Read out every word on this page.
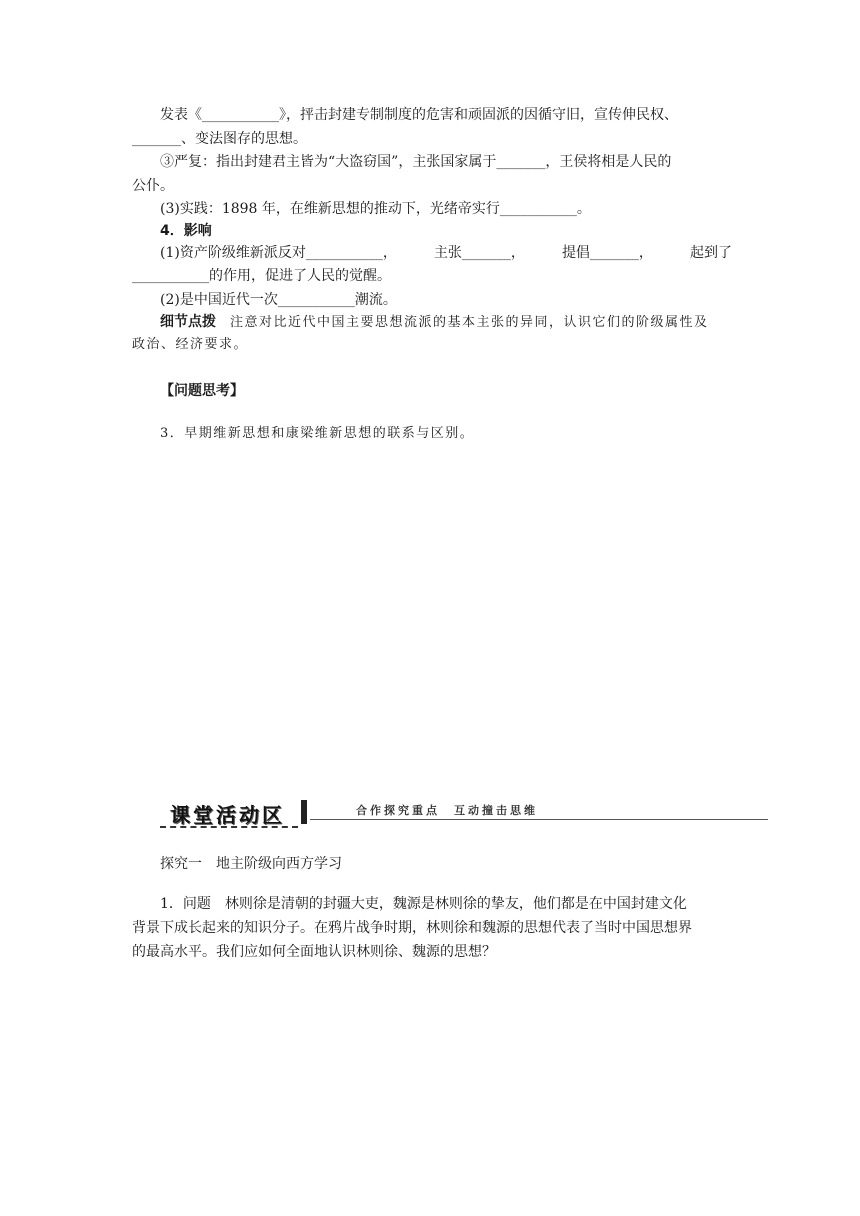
发表《___________》，抨击封建专制制度的危害和顽固派的因循守旧，宣传伸民权、
_______、变法图存的思想。
③严复：指出封建君主皆为“大盗窃国”，主张国家属于_______，王侯将相是人民的
公仆。
(3)实践：1898 年，在维新思想的推动下，光绪帝实行___________。
4．影响
(1)资产阶级维新派反对___________，	主张_______，	提倡_______，	起到了
___________的作用，促进了人民的觉醒。
(2)是中国近代一次___________潮流。
细节点拨 注意对比近代中国主要思想流派的基本主张的异同，认识它们的阶级属性及
政治、经济要求。
【问题思考】
3．早期维新思想和康梁维新思想的联系与区别。
课堂活动区	合作探究重点　互动撞击思维
探究一　地主阶级向西方学习
1．问题　林则徐是清朝的封疆大吏，魏源是林则徐的挚友，他们都是在中国封建文化
背景下成长起来的知识分子。在鸦片战争时期，林则徐和魏源的思想代表了当时中国思想界
的最高水平。我们应如何全面地认识林则徐、魏源的思想？
